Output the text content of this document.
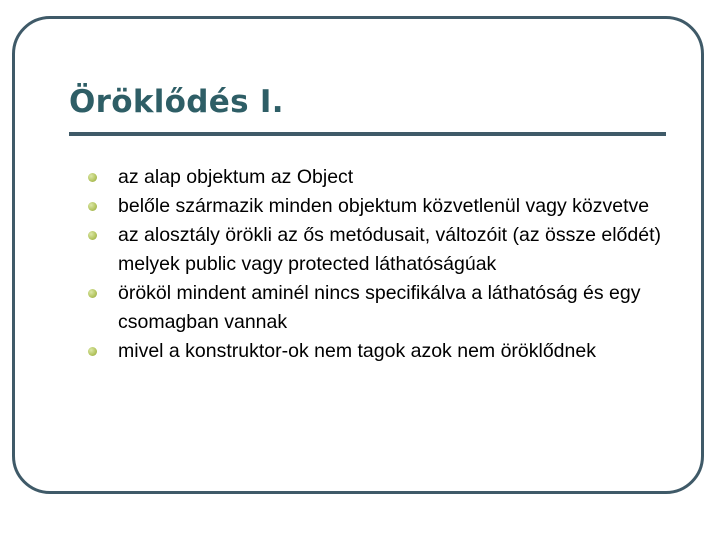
Öröklődés I.
az alap objektum az Object
belőle származik minden objektum közvetlenül vagy közvetve
az alosztály örökli az ős metódusait, változóit (az össze elődét) melyek public vagy protected láthatóságúak
örököl mindent aminél nincs specifikálva a láthatóság és egy csomagban vannak
mivel a konstruktor-ok nem tagok azok nem öröklődnek
